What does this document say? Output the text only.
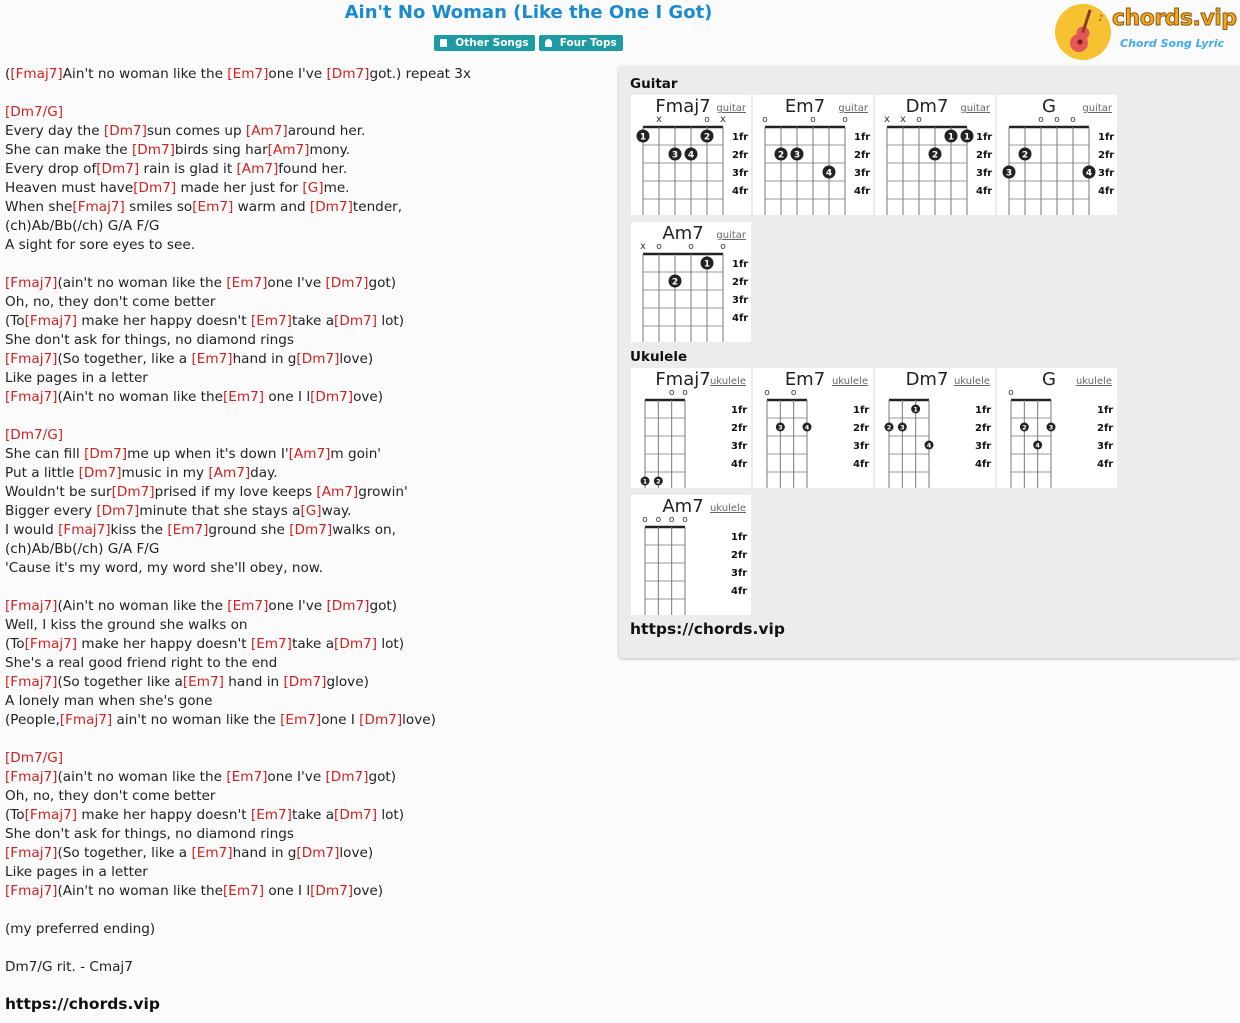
Ain't No Woman (Like the One I Got)
Other Songs	Four Tops
♪ chords.vip
Chord Song Lyric
([Fmaj7]Ain't no woman like the [Em7]one I've [Dm7]got.) repeat 3x
[Dm7/G]
Every day the [Dm7]sun comes up [Am7]around her.
She can make the [Dm7]birds sing har[Am7]mony.
Every drop of[Dm7] rain is glad it [Am7]found her.
Heaven must have[Dm7] made her just for [G]me.
When she[Fmaj7] smiles so[Em7] warm and [Dm7]tender,
(ch)Ab/Bb(/ch) G/A F/G
A sight for sore eyes to see.
[Fmaj7](ain't no woman like the [Em7]one I've [Dm7]got)
Oh, no, they don't come better
(To[Fmaj7] make her happy doesn't [Em7]take a[Dm7] lot)
She don't ask for things, no diamond rings
[Fmaj7](So together, like a [Em7]hand in g[Dm7]love)
Like pages in a letter
[Fmaj7](Ain't no woman like the[Em7] one I l[Dm7]ove)
[Dm7/G]
She can fill [Dm7]me up when it's down I'[Am7]m goin'
Put a little [Dm7]music in my [Am7]day.
Wouldn't be sur[Dm7]prised if my love keeps [Am7]growin'
Bigger every [Dm7]minute that she stays a[G]way.
I would [Fmaj7]kiss the [Em7]ground she [Dm7]walks on,
(ch)Ab/Bb(/ch) G/A F/G
'Cause it's my word, my word she'll obey, now.
[Fmaj7](Ain't no woman like the [Em7]one I've [Dm7]got)
Well, I kiss the ground she walks on
(To[Fmaj7] make her happy doesn't [Em7]take a[Dm7] lot)
She's a real good friend right to the end
[Fmaj7](So together like a[Em7] hand in [Dm7]glove)
A lonely man when she's gone
(People,[Fmaj7] ain't no woman like the [Em7]one I [Dm7]love)
[Dm7/G]
[Fmaj7](ain't no woman like the [Em7]one I've [Dm7]got)
Oh, no, they don't come better
(To[Fmaj7] make her happy doesn't [Em7]take a[Dm7] lot)
She don't ask for things, no diamond rings
[Fmaj7](So together, like a [Em7]hand in g[Dm7]love)
Like pages in a letter
[Fmaj7](Ain't no woman like the[Em7] one I l[Dm7]ove)
(my preferred ending)
Dm7/G rit. - Cmaj7
https://chords.vip
Guitar
Ukulele
Fmaj7 guitar
x	o x
1fr
2fr
3fr
4fr
1
3 4
2
Em7 guitar
o	o	o
1fr
2fr
3fr
4fr
2 3
4
Dm7 guitar
x x o
1fr
2fr
3fr
4fr
2
1 1
G	guitar
o o o
1fr
2fr
3fr
4fr
3
2
4
Am7 guitar
x o	o	o
1fr
2fr
3fr
4fr
2
1
Fmaj7 ukulele
o o
1fr
2fr
3fr
4fr
1 2
Em7 ukulele
o o
1fr
2fr
3fr
4fr
3	4
Dm7 ukulele
1fr
2fr
3fr
4fr
2 3
1
4
G ukulele
o
1fr
2fr
3fr
4fr
2
4
3
Am7 ukulele
o o o o
1fr
2fr
3fr
4fr
https://chords.vip
